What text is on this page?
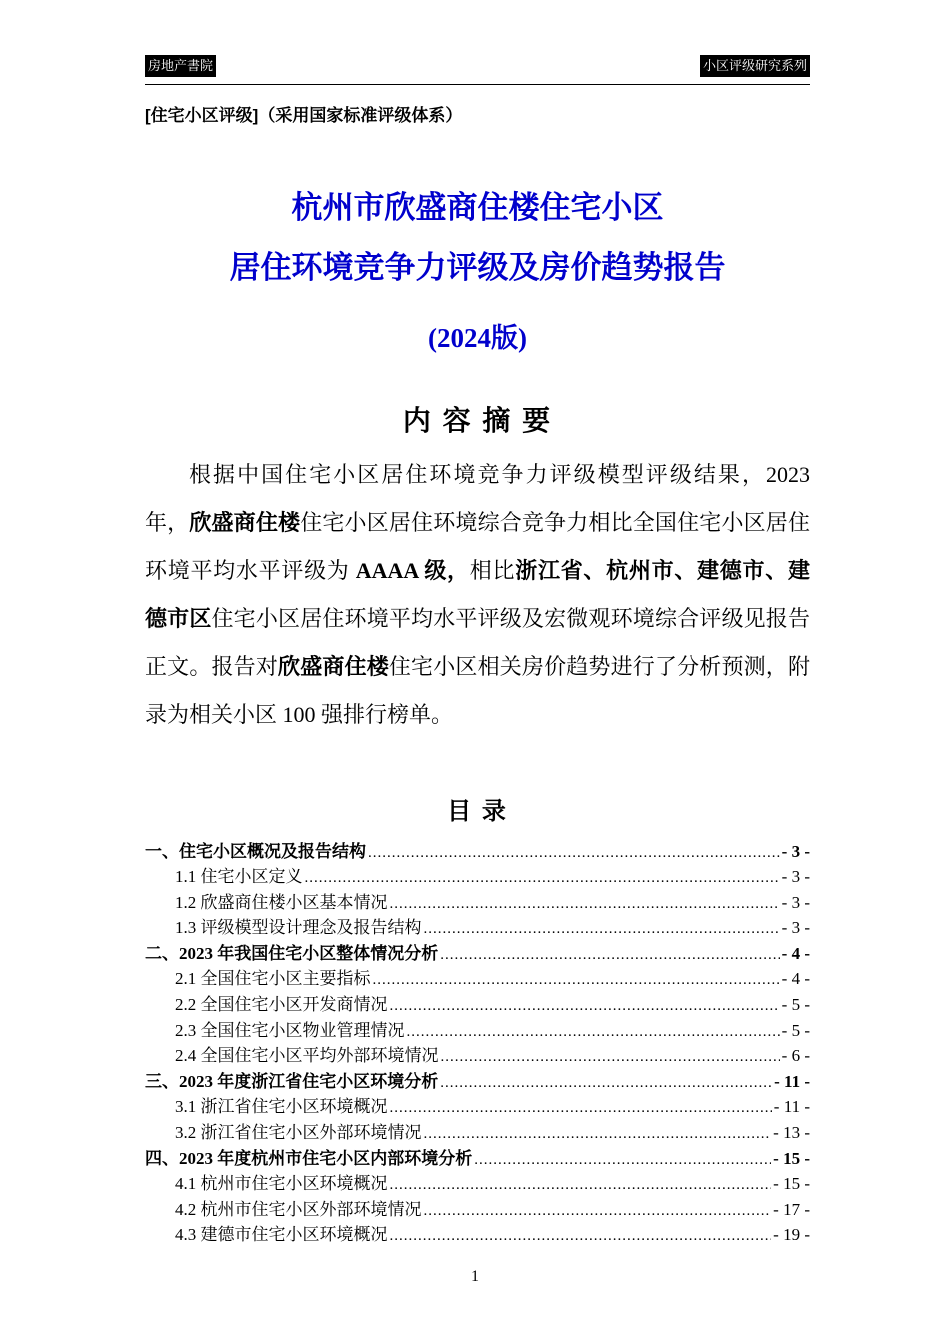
房地产書院	小区评级研究系列
[住宅小区评级]（采用国家标准评级体系）
杭州市欣盛商住楼住宅小区
居住环境竞争力评级及房价趋势报告
(2024版)
内 容 摘 要

根据中国住宅小区居住环境竞争力评级模型评级结果，2023 年，欣盛商住楼住宅小区居住环境综合竞争力相比全国住宅小区居住环境平均水平评级为 AAAA 级，相比浙江省、杭州市、建德市、建德市区住宅小区居住环境平均水平评级及宏微观环境综合评级见报告正文。报告对欣盛商住楼住宅小区相关房价趋势进行了分析预测，附录为相关小区 100 强排行榜单。

目 录
一、住宅小区概况及报告结构 .....	- 3 -
1.1 住宅小区定义 .....	- 3 -
1.2 欣盛商住楼小区基本情况 .....	- 3 -
1.3 评级模型设计理念及报告结构 .....	- 3 -
二、2023 年我国住宅小区整体情况分析 .....	- 4 -
2.1 全国住宅小区主要指标 .....	- 4 -
2.2 全国住宅小区开发商情况 .....	- 5 -
2.3 全国住宅小区物业管理情况 .....	- 5 -
2.4 全国住宅小区平均外部环境情况 .....	- 6 -
三、2023 年度浙江省住宅小区环境分析 .....	- 11 -
3.1 浙江省住宅小区环境概况 .....	- 11 -
3.2 浙江省住宅小区外部环境情况 .....	- 13 -
四、2023 年度杭州市住宅小区内部环境分析 .....	- 15 -
4.1 杭州市住宅小区环境概况 .....	- 15 -
4.2 杭州市住宅小区外部环境情况 .....	- 17 -
4.3 建德市住宅小区环境概况 .....	- 19 -
1
